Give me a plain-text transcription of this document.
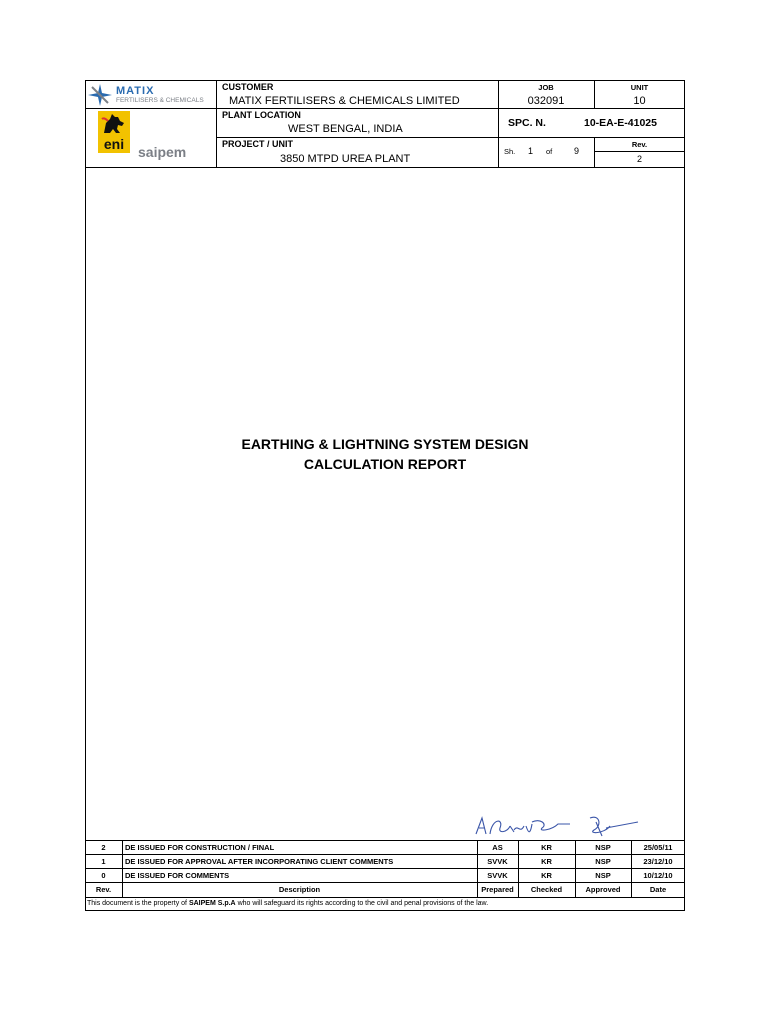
MATIX
FERTILISERS & CHEMICALS
eni saipem
CUSTOMER
MATIX FERTILISERS & CHEMICALS LIMITED
PLANT LOCATION
WEST BENGAL, INDIA
PROJECT / UNIT
3850 MTPD UREA PLANT
JOB
032091
UNIT
10
SPC. N.	10-EA-E-41025
Sh. 1 of 9
Rev.
2
EARTHING & LIGHTNING SYSTEM DESIGN
CALCULATION REPORT
2	DE ISSUED FOR CONSTRUCTION / FINAL	AS	KR	NSP	25/05/11
1	DE ISSUED FOR APPROVAL AFTER INCORPORATING CLIENT COMMENTS	SVVK	KR	NSP	23/12/10
0	DE ISSUED FOR COMMENTS	SVVK	KR	NSP	10/12/10
Rev.	Description	Prepared	Checked	Approved	Date
This document is the property of SAIPEM S.p.A who will safeguard its rights according to the civil and penal provisions of the law.
